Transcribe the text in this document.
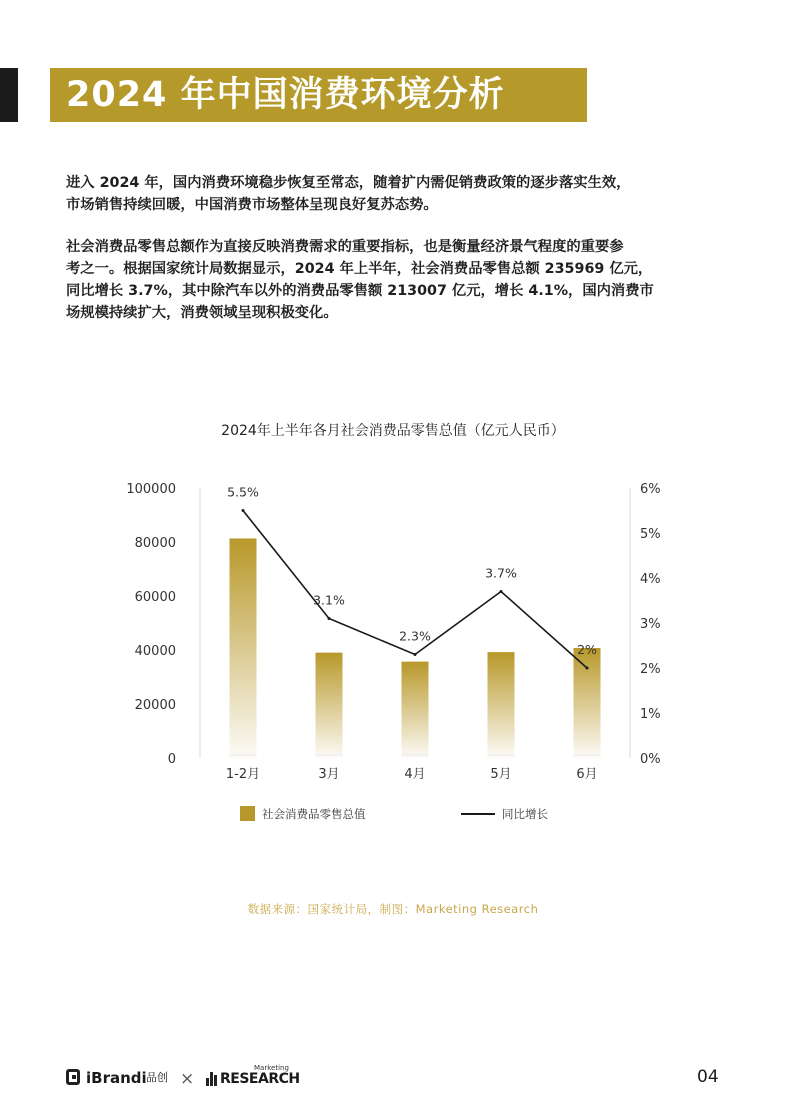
2024 年中国消费环境分析
进入 2024 年，国内消费环境稳步恢复至常态，随着扩内需促销费政策的逐步落实生效，
市场销售持续回暖，中国消费市场整体呈现良好复苏态势。
社会消费品零售总额作为直接反映消费需求的重要指标，也是衡量经济景气程度的重要参
考之一。根据国家统计局数据显示，2024 年上半年，社会消费品零售总额 235969 亿元，
同比增长 3.7%，其中除汽车以外的消费品零售额 213007 亿元，增长 4.1%，国内消费市
场规模持续扩大，消费领域呈现积极变化。
2024年上半年各月社会消费品零售总值（亿元人民币）
0
20000
40000
60000
80000
100000
0%
1%
2%
3%
4%
5%
6%
5.5%
3.1%
2.3%
3.7%
2%
1-2月	3月	4月	5月	6月
社会消费品零售总值	同比增长
数据来源：国家统计局，制图：Marketing Research
iBrandi 品创 × RESEARCH
Marketing	04
